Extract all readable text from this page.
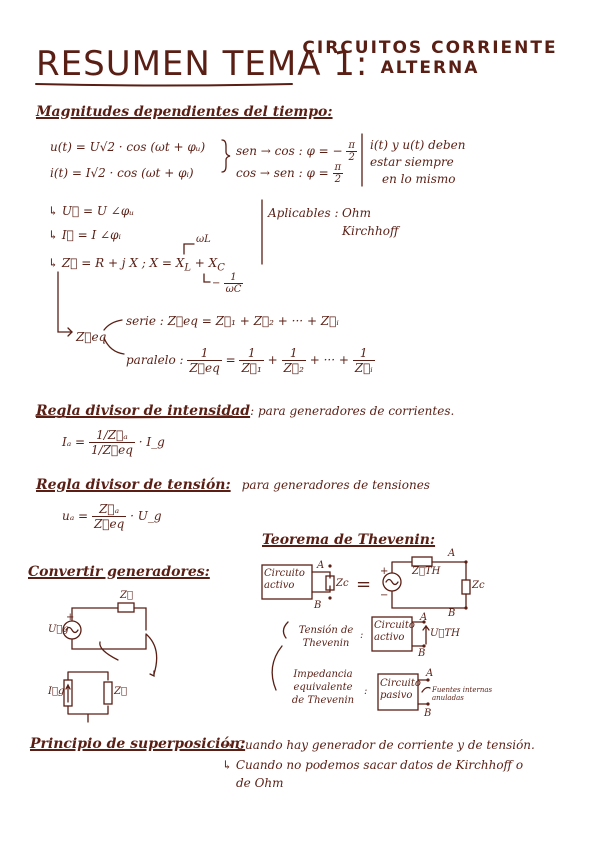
RESUMEN TEMA 1:
CIRCUITOS CORRIENTE
ALTERNA
Magnitudes dependientes del tiempo:
u(t) = U√2 · cos (ωt + φᵤ)
i(t) = I√2 · cos (ωt + φᵢ)
sen → cos : φ = − $\frac{\pi}{2}$
cos → sen : $\varphi = \frac{\pi}{2}$
i(t) y u(t) deben
estar siempre
en lo mismo
↳ U⃗ = U ∠φᵤ
↳ I⃗ = I ∠φᵢ
↳ Z⃗ = R + j X ; $X = X_L + X_C$
ωL
− $\frac{1}{\omega C}$
Aplicables : Ohm
Kirchhoff
Z⃗eq
serie : Z⃗eq = Z⃗₁ + Z⃗₂ + ··· + Z⃗ᵢ
paralelo : $\frac{1}{Z⃗eq} = \frac{1}{\text{Z⃗₁}} + \frac{1}{\text{Z⃗₂}}$ + ··· + $\frac{1}{\text{Z⃗ᵢ}}$
Regla divisor de intensidad: para generadores de corrientes.
$I_a = \frac{\text{1/Z⃗ₐ}}{1/Z⃗eq}$ · I_g
Regla divisor de tensión: para generadores de tensiones
$u_a = \frac{\text{Z⃗ₐ}}{Z⃗eq}$ · U_g
Teorema de Thevenin:
Convertir generadores:	Circuito activo
A
B
Zc =
+
−
Z⃗TH
A
B
Zc
Tensión de Thevenin
:
Circuito activo
A
B
U⃗TH
Impedancia equivalente de Thevenin
:
Circuito pasivo
A
B
Fuentes internas anuladas
Z⃗
+
U⃗g
I⃗g	Z⃗
Principio de superposición:
→ Cuando hay generador de corriente y de tensión.
↳ Cuando no podemos sacar datos de Kirchhoff o
de Ohm
